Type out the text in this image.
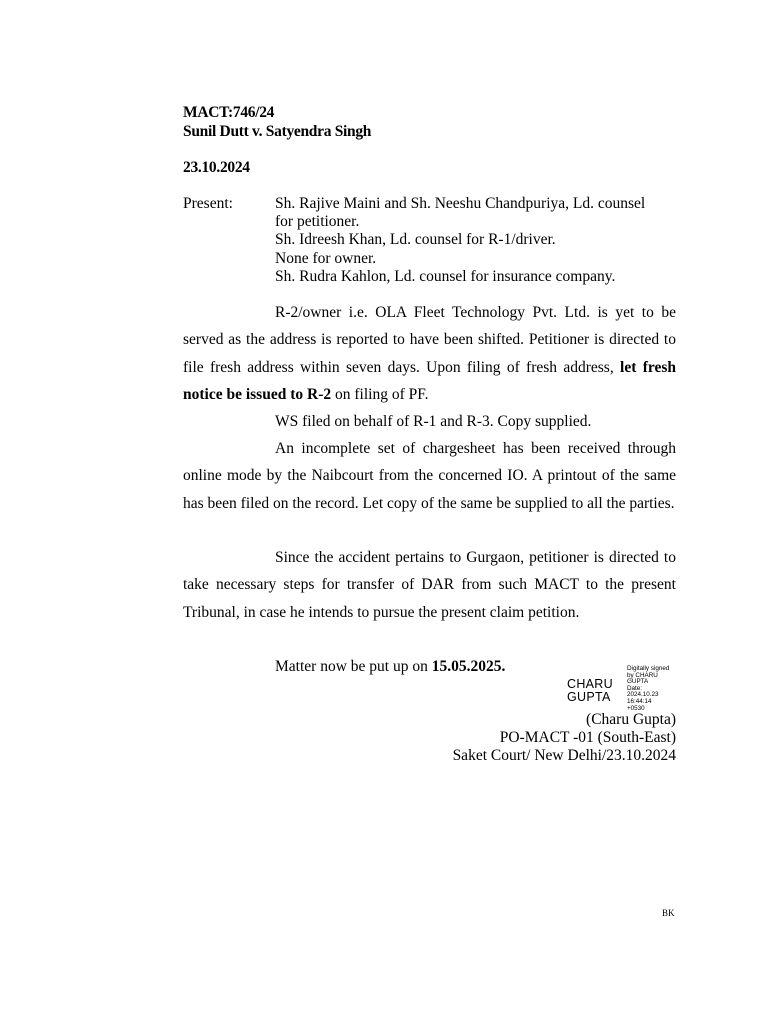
MACT:746/24
Sunil Dutt v. Satyendra Singh
23.10.2024
Present:	Sh. Rajive Maini and Sh. Neeshu Chandpuriya, Ld. counsel
for petitioner.
Sh. Idreesh Khan, Ld. counsel for R-1/driver.
None for owner.
Sh. Rudra Kahlon, Ld. counsel for insurance company.
R-2/owner i.e. OLA Fleet Technology Pvt. Ltd. is yet to be served as the address is reported to have been shifted. Petitioner is directed to file fresh address within seven days. Upon filing of fresh address, let fresh notice be issued to R-2 on filing of PF.
WS filed on behalf of R-1 and R-3. Copy supplied.
An incomplete set of chargesheet has been received through online mode by the Naibcourt from the concerned IO. A printout of the same has been filed on the record. Let copy of the same be supplied to all the parties.
Since the accident pertains to Gurgaon, petitioner is directed to take necessary steps for transfer of DAR from such MACT to the present Tribunal, in case he intends to pursue the present claim petition.
Matter now be put up on 15.05.2025.
CHARU
GUPTA
Digitally signed
by CHARU
GUPTA
Date:
2024.10.23
16:44:14
+0530
(Charu Gupta)
PO-MACT -01 (South-East)
Saket Court/ New Delhi/23.10.2024
BK
